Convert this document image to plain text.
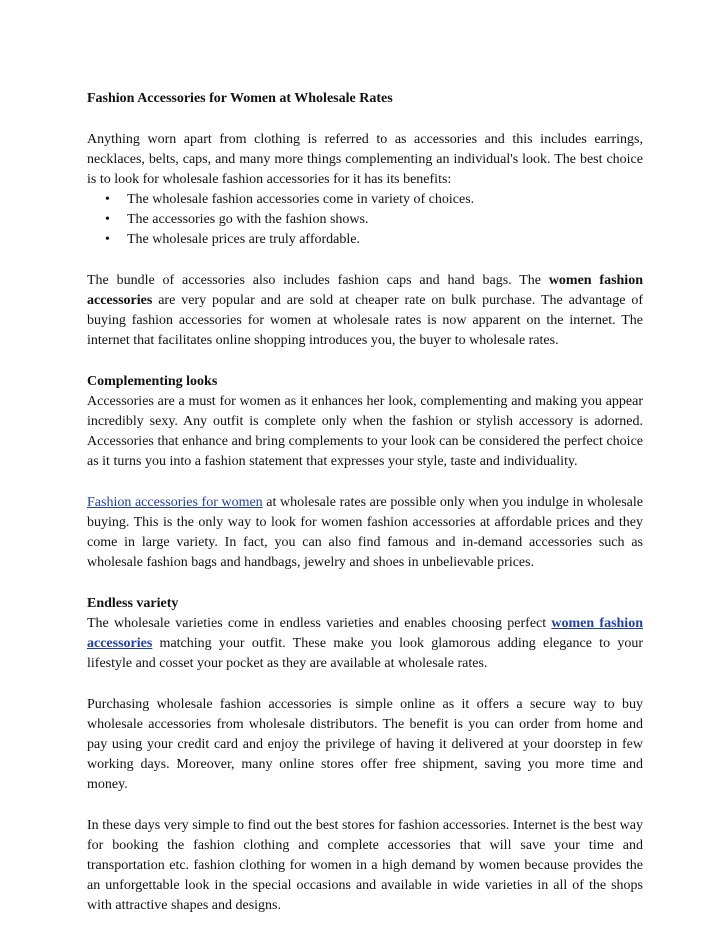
Fashion Accessories for Women at Wholesale Rates

Anything worn apart from clothing is referred to as accessories and this includes earrings, necklaces, belts, caps, and many more things complementing an individual's look. The best choice is to look for wholesale fashion accessories for it has its benefits:

• The wholesale fashion accessories come in variety of choices.
• The accessories go with the fashion shows.
• The wholesale prices are truly affordable.

The bundle of accessories also includes fashion caps and hand bags. The women fashion accessories are very popular and are sold at cheaper rate on bulk purchase. The advantage of buying fashion accessories for women at wholesale rates is now apparent on the internet. The internet that facilitates online shopping introduces you, the buyer to wholesale rates.

Complementing looks

Accessories are a must for women as it enhances her look, complementing and making you appear incredibly sexy. Any outfit is complete only when the fashion or stylish accessory is adorned. Accessories that enhance and bring complements to your look can be considered the perfect choice as it turns you into a fashion statement that expresses your style, taste and individuality.

Fashion accessories for women at wholesale rates are possible only when you indulge in wholesale buying. This is the only way to look for women fashion accessories at affordable prices and they come in large variety. In fact, you can also find famous and in-demand accessories such as wholesale fashion bags and handbags, jewelry and shoes in unbelievable prices.

Endless variety

The wholesale varieties come in endless varieties and enables choosing perfect women fashion accessories matching your outfit. These make you look glamorous adding elegance to your lifestyle and cosset your pocket as they are available at wholesale rates.

Purchasing wholesale fashion accessories is simple online as it offers a secure way to buy wholesale accessories from wholesale distributors. The benefit is you can order from home and pay using your credit card and enjoy the privilege of having it delivered at your doorstep in few working days. Moreover, many online stores offer free shipment, saving you more time and money.

In these days very simple to find out the best stores for fashion accessories. Internet is the best way for booking the fashion clothing and complete accessories that will save your time and transportation etc. fashion clothing for women in a high demand by women because provides the an unforgettable look in the special occasions and available in wide varieties in all of the shops with attractive shapes and designs.
